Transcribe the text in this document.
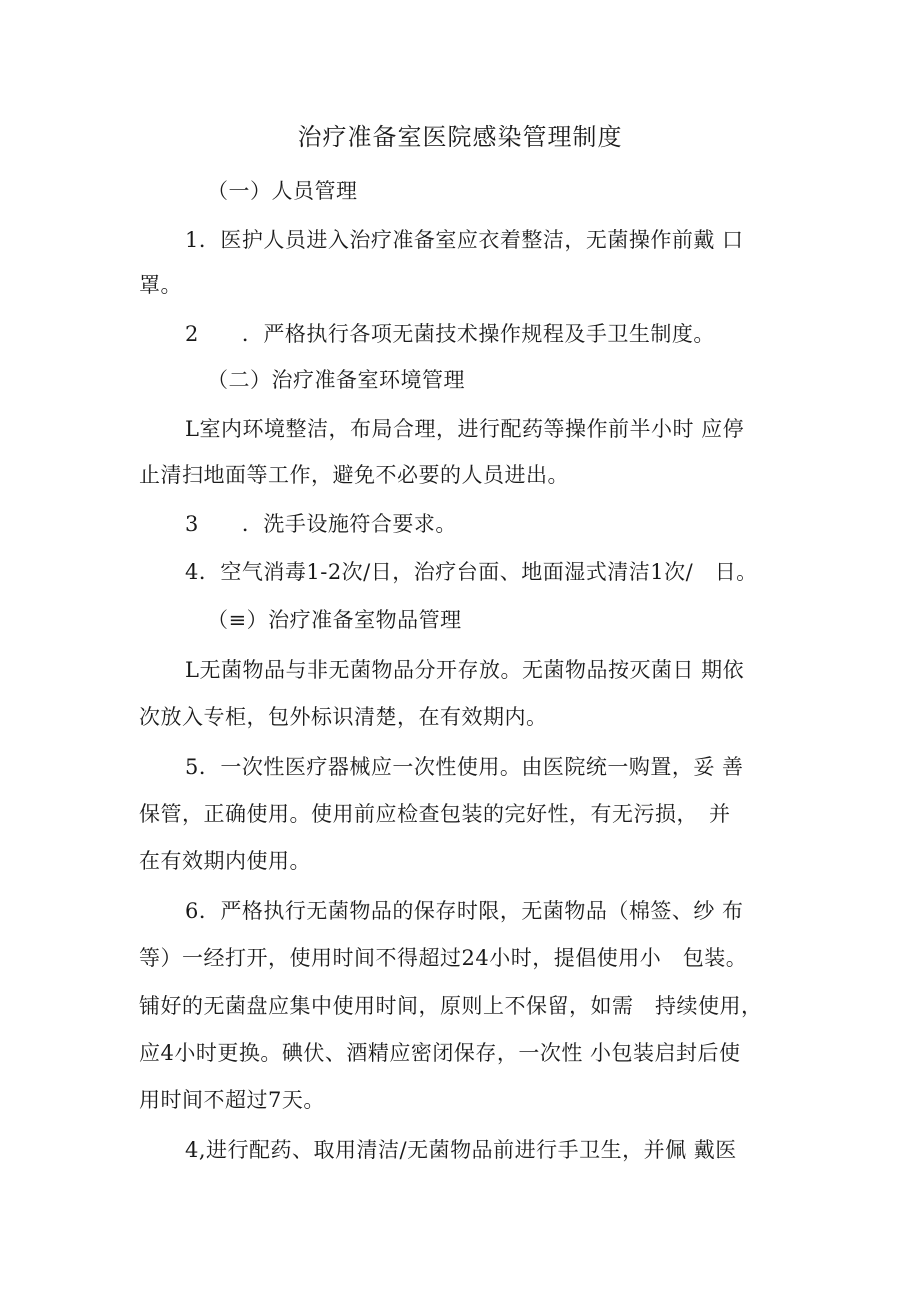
治疗准备室医院感染管理制度
（一）人员管理
1．医护人员进入治疗准备室应衣着整洁，无菌操作前戴 口
罩。
2　　．严格执行各项无菌技术操作规程及手卫生制度。
（二）治疗准备室环境管理
L室内环境整洁，布局合理，进行配药等操作前半小时 应停
止清扫地面等工作，避免不必要的人员进出。
3　　．洗手设施符合要求。
4．空气消毒1-2次/日，治疗台面、地面湿式清洁1次/　日。
（≡）治疗准备室物品管理
L无菌物品与非无菌物品分开存放。无菌物品按灭菌日 期依
次放入专柜，包外标识清楚，在有效期内。
5．一次性医疗器械应一次性使用。由医院统一购置，妥 善
保管，正确使用。使用前应检查包装的完好性，有无污损，　并
在有效期内使用。
6．严格执行无菌物品的保存时限，无菌物品（棉签、纱 布
等）一经打开，使用时间不得超过24小时，提倡使用小　包装。
铺好的无菌盘应集中使用时间，原则上不保留，如需　持续使用，
应4小时更换。碘伏、酒精应密闭保存，一次性 小包装启封后使
用时间不超过7天。
4,进行配药、取用清洁/无菌物品前进行手卫生，并佩 戴医
